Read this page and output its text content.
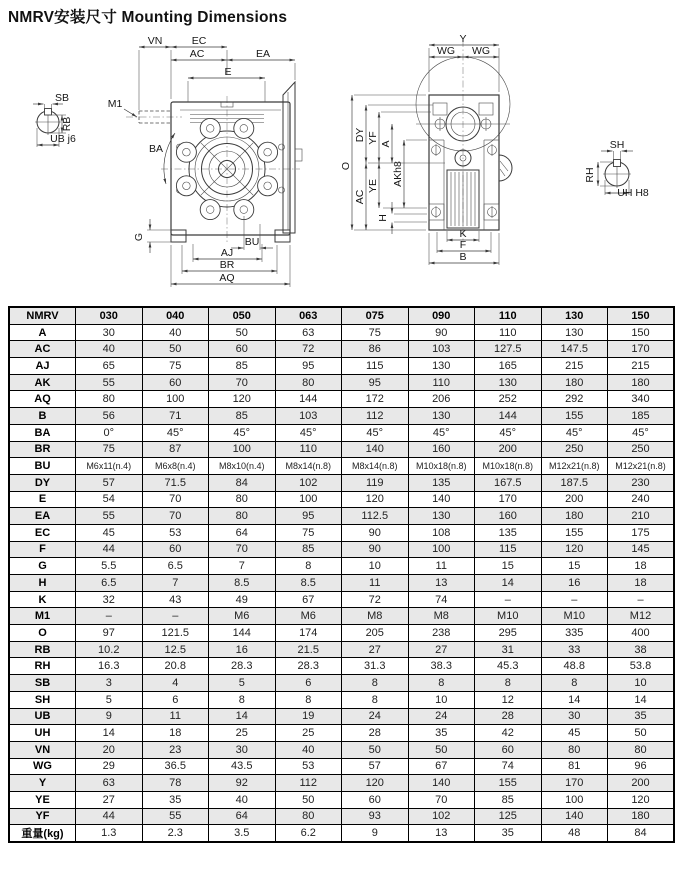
NMRV安装尺寸 Mounting Dimensions
SB
RB
UB j6
M1
BA
VN	EC
AC	EA
E
G	BU
AJ
BR
AQ
Y
WG WG
O
DY
AC
YF
YE
A
H
AKh8
K
F
B
SH
RH
UH H8
NMRV	030	040	050	063	075	090	110	130	150
A	30	40	50	63	75	90	110	130	150
AC	40	50	60	72	86	103	127.5	147.5	170
AJ	65	75	85	95	115	130	165	215	215
AK	55	60	70	80	95	110	130	180	180
AQ	80	100	120	144	172	206	252	292	340
B	56	71	85	103	112	130	144	155	185
BA	0°	45°	45°	45°	45°	45°	45°	45°	45°
BR	75	87	100	110	140	160	200	250	250
BU	M6x11(n.4)	M6x8(n.4)	M8x10(n.4)	M8x14(n.8)	M8x14(n.8)	M10x18(n.8)	M10x18(n.8)	M12x21(n.8)	M12x21(n.8)
DY	57	71.5	84	102	119	135	167.5	187.5	230
E	54	70	80	100	120	140	170	200	240
EA	55	70	80	95	112.5	130	160	180	210
EC	45	53	64	75	90	108	135	155	175
F	44	60	70	85	90	100	115	120	145
G	5.5	6.5	7	8	10	11	15	15	18
H	6.5	7	8.5	8.5	11	13	14	16	18
K	32	43	49	67	72	74	–	–	–
M1	–	–	M6	M6	M8	M8	M10	M10	M12
O	97	121.5	144	174	205	238	295	335	400
RB	10.2	12.5	16	21.5	27	27	31	33	38
RH	16.3	20.8	28.3	28.3	31.3	38.3	45.3	48.8	53.8
SB	3	4	5	6	8	8	8	8	10
SH	5	6	8	8	8	10	12	14	14
UB	9	11	14	19	24	24	28	30	35
UH	14	18	25	25	28	35	42	45	50
VN	20	23	30	40	50	50	60	80	80
WG	29	36.5	43.5	53	57	67	74	81	96
Y	63	78	92	112	120	140	155	170	200
YE	27	35	40	50	60	70	85	100	120
YF	44	55	64	80	93	102	125	140	180
重量(kg)	1.3	2.3	3.5	6.2	9	13	35	48	84
